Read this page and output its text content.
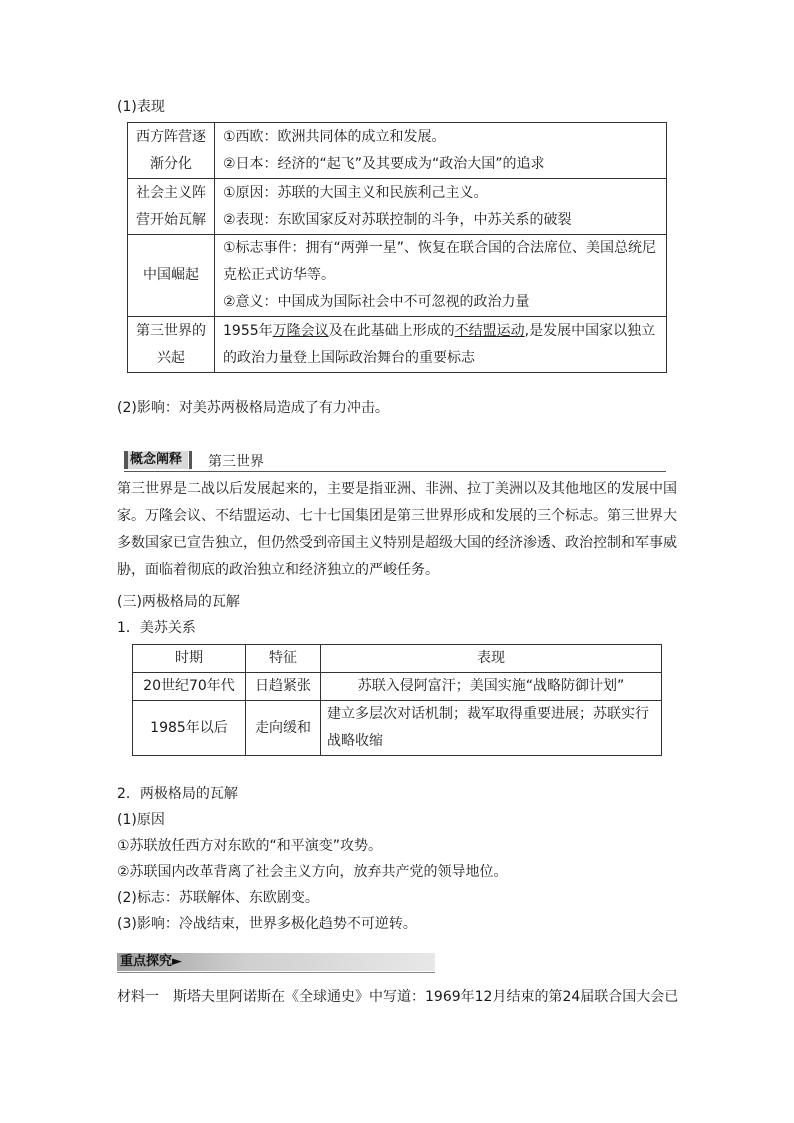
(1)表现
西方阵营逐渐分化	①西欧：欧洲共同体的成立和发展。
②日本：经济的“起飞”及其要成为“政治大国”的追求

社会主义阵营开始瓦解	①原因：苏联的大国主义和民族利己主义。
②表现：东欧国家反对苏联控制的斗争，中苏关系的破裂

中国崛起	①标志事件：拥有“两弹一星”、恢复在联合国的合法席位、美国总统尼克松正式访华等。
②意义：中国成为国际社会中不可忽视的政治力量

第三世界的兴起	1955年万隆会议及在此基础上形成的不结盟运动,是发展中国家以独立的政治力量登上国际政治舞台的重要标志
(2)影响：对美苏两极格局造成了有力冲击。
概念阐释	第三世界
第三世界是二战以后发展起来的，主要是指亚洲、非洲、拉丁美洲以及其他地区的发展中国家。万隆会议、不结盟运动、七十七国集团是第三世界形成和发展的三个标志。第三世界大多数国家已宣告独立，但仍然受到帝国主义特别是超级大国的经济渗透、政治控制和军事威胁，面临着彻底的政治独立和经济独立的严峻任务。
(三)两极格局的瓦解
1．美苏关系
时期	特征	表现
20世纪70年代	日趋紧张	苏联入侵阿富汗；美国实施“战略防御计划”
1985年以后	走向缓和	建立多层次对话机制；裁军取得重要进展；苏联实行战略收缩
2．两极格局的瓦解
(1)原因
①苏联放任西方对东欧的“和平演变”攻势。
②苏联国内改革背离了社会主义方向，放弃共产党的领导地位。
(2)标志：苏联解体、东欧剧变。
(3)影响：冷战结束，世界多极化趋势不可逆转。
重点探究►
材料一　斯塔夫里阿诺斯在《全球通史》中写道：1969年12月结束的第24届联合国大会已
